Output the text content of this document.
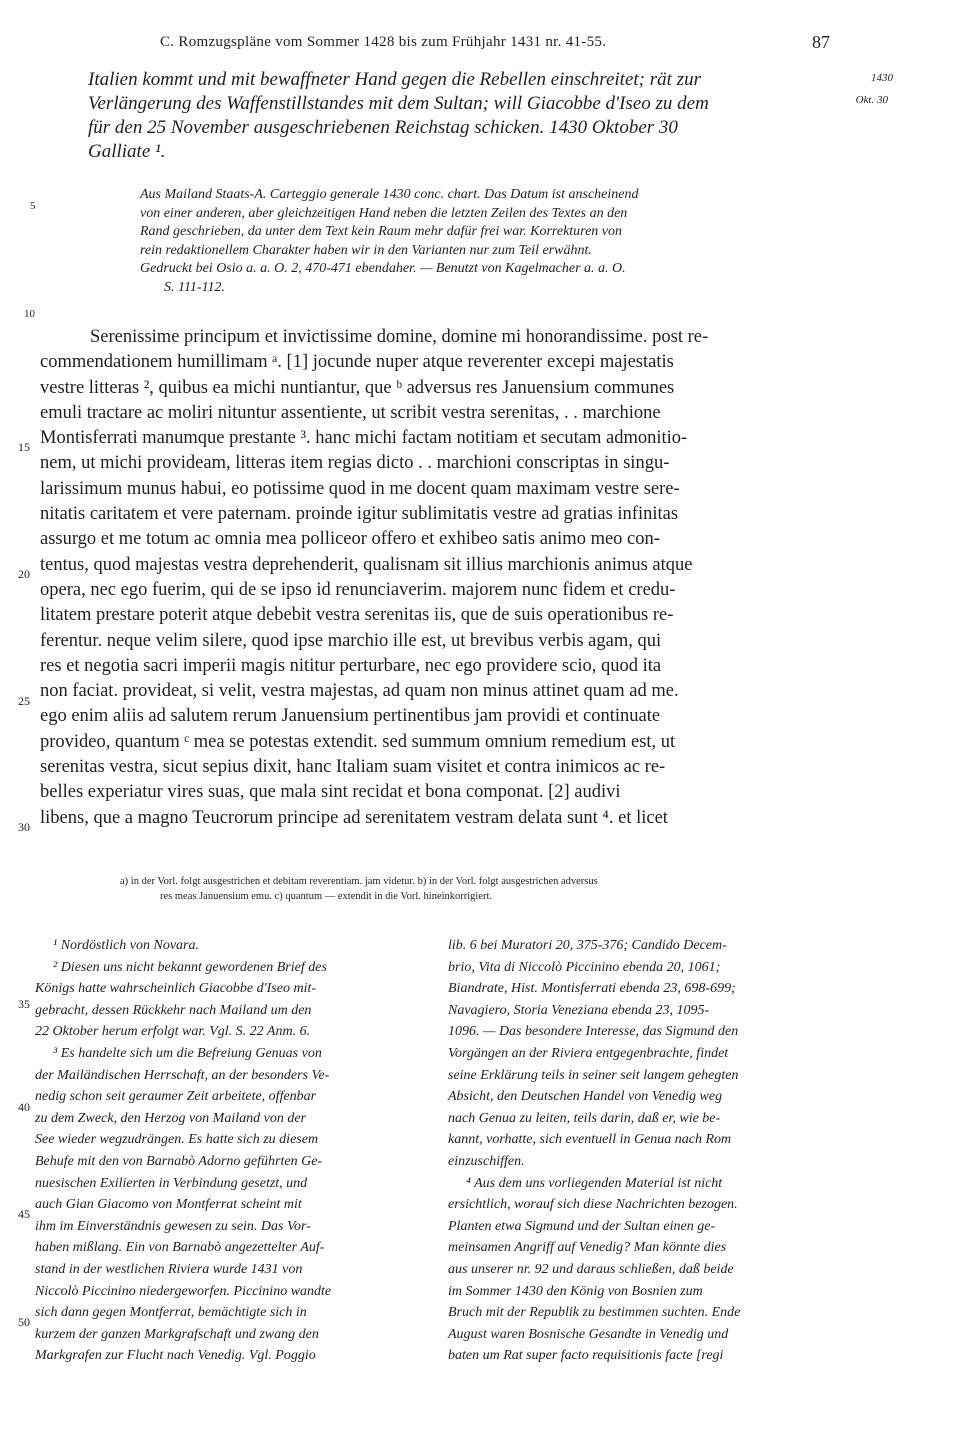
C. Romzugspläne vom Sommer 1428 bis zum Frühjahr 1431 nr. 41-55.	87
1430
Okt. 30
Italien kommt und mit bewaffneter Hand gegen die Rebellen einschreitet; rät zur
Verlängerung des Waffenstillstandes mit dem Sultan; will Giacobbe d'Iseo zu dem
für den 25 November ausgeschriebenen Reichstag schicken. 1430 Oktober 30
Galliate ¹.
Aus Mailand Staats-A. Carteggio generale 1430 conc. chart. Das Datum ist anscheinend
von einer anderen, aber gleichzeitigen Hand neben die letzten Zeilen des Textes an den
Rand geschrieben, da unter dem Text kein Raum mehr dafür frei war. Korrekturen von
rein redaktionellem Charakter haben wir in den Varianten nur zum Teil erwähnt.
Gedruckt bei Osio a. a. O. 2, 470-471 ebendaher. — Benutzt von Kagelmacher a. a. O.
S. 111-112.
5
10
15
20
25
30
35
40
45
50
Serenissime principum et invictissime domine, domine mi honorandissime. post re-
commendationem humillimam ᵃ. [1] jocunde nuper atque reverenter excepi majestatis
vestre litteras ², quibus ea michi nuntiantur, que ᵇ adversus res Januensium communes
emuli tractare ac moliri nituntur assentiente, ut scribit vestra serenitas, . . marchione
Montisferrati manumque prestante ³. hanc michi factam notitiam et secutam admonitio-
nem, ut michi provideam, litteras item regias dicto . . marchioni conscriptas in singu-
larissimum munus habui, eo potissime quod in me docent quam maximam vestre sere-
nitatis caritatem et vere paternam. proinde igitur sublimitatis vestre ad gratias infinitas
assurgo et me totum ac omnia mea polliceor offero et exhibeo satis animo meo con-
tentus, quod majestas vestra deprehenderit, qualisnam sit illius marchionis animus atque
opera, nec ego fuerim, qui de se ipso id renunciaverim. majorem nunc fidem et credu-
litatem prestare poterit atque debebit vestra serenitas iis, que de suis operationibus re-
ferentur. neque velim silere, quod ipse marchio ille est, ut brevibus verbis agam, qui
res et negotia sacri imperii magis nititur perturbare, nec ego providere scio, quod ita
non faciat. provideat, si velit, vestra majestas, ad quam non minus attinet quam ad me.
ego enim aliis ad salutem rerum Januensium pertinentibus jam providi et continuate
provideo, quantum ᶜ mea se potestas extendit. sed summum omnium remedium est, ut
serenitas vestra, sicut sepius dixit, hanc Italiam suam visitet et contra inimicos ac re-
belles experiatur vires suas, que mala sint recidat et bona componat. [2] audivi
libens, que a magno Teucrorum principe ad serenitatem vestram delata sunt ⁴. et licet
a) in der Vorl. folgt ausgestrichen et debitam reverentiam. jam videtur. b) in der Vorl. folgt ausgestrichen adversus
res meas Januensium emu. c) quantum — extendit in die Vorl. hineinkorrigiert.
¹ Nordöstlich von Novara.
² Diesen uns nicht bekannt gewordenen Brief des
Königs hatte wahrscheinlich Giacobbe d'Iseo mit-
gebracht, dessen Rückkehr nach Mailand um den
22 Oktober herum erfolgt war. Vgl. S. 22 Anm. 6.
³ Es handelte sich um die Befreiung Genuas von
der Mailändischen Herrschaft, an der besonders Ve-
nedig schon seit geraumer Zeit arbeitete, offenbar
zu dem Zweck, den Herzog von Mailand von der
See wieder wegzudrängen. Es hatte sich zu diesem
Behufe mit den von Barnabò Adorno geführten Ge-
nuesischen Exilierten in Verbindung gesetzt, und
auch Gian Giacomo von Montferrat scheint mit
ihm im Einverständnis gewesen zu sein. Das Vor-
haben mißlang. Ein von Barnabò angezettelter Auf-
stand in der westlichen Riviera wurde 1431 von
Niccolò Piccinino niedergeworfen. Piccinino wandte
sich dann gegen Montferrat, bemächtigte sich in
kurzem der ganzen Markgrafschaft und zwang den
Markgrafen zur Flucht nach Venedig. Vgl. Poggio
lib. 6 bei Muratori 20, 375-376; Candido Decem-
brio, Vita di Niccolò Piccinino ebenda 20, 1061;
Biandrate, Hist. Montisferrati ebenda 23, 698-699;
Navagiero, Storia Veneziana ebenda 23, 1095-
1096. — Das besondere Interesse, das Sigmund den
Vorgängen an der Riviera entgegenbrachte, findet
seine Erklärung teils in seiner seit langem gehegten
Absicht, den Deutschen Handel von Venedig weg
nach Genua zu leiten, teils darin, daß er, wie be-
kannt, vorhatte, sich eventuell in Genua nach Rom
einzuschiffen.
⁴ Aus dem uns vorliegenden Material ist nicht
ersichtlich, worauf sich diese Nachrichten bezogen.
Planten etwa Sigmund und der Sultan einen ge-
meinsamen Angriff auf Venedig? Man könnte dies
aus unserer nr. 92 und daraus schließen, daß beide
im Sommer 1430 den König von Bosnien zum
Bruch mit der Republik zu bestimmen suchten. Ende
August waren Bosnische Gesandte in Venedig und
baten um Rat super facto requisitionis facte [regi
